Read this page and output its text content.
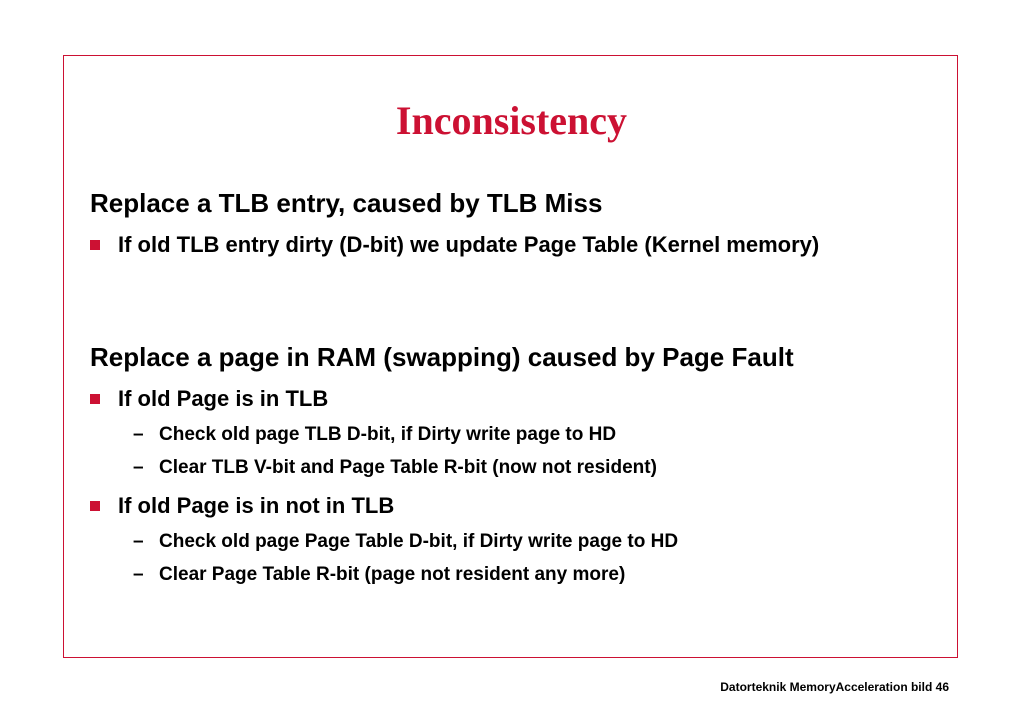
Inconsistency
Replace a TLB entry, caused by TLB Miss
If old TLB entry dirty (D-bit) we update Page Table (Kernel memory)
Replace a page in RAM (swapping) caused by Page Fault
If old Page is in TLB
– Check old page TLB D-bit, if Dirty write page to HD
– Clear TLB V-bit and Page Table R-bit (now not resident)
If old Page is in not in TLB
– Check old page Page Table D-bit, if Dirty write page to HD
– Clear Page Table R-bit (page not resident any more)
Datorteknik MemoryAcceleration bild 46
